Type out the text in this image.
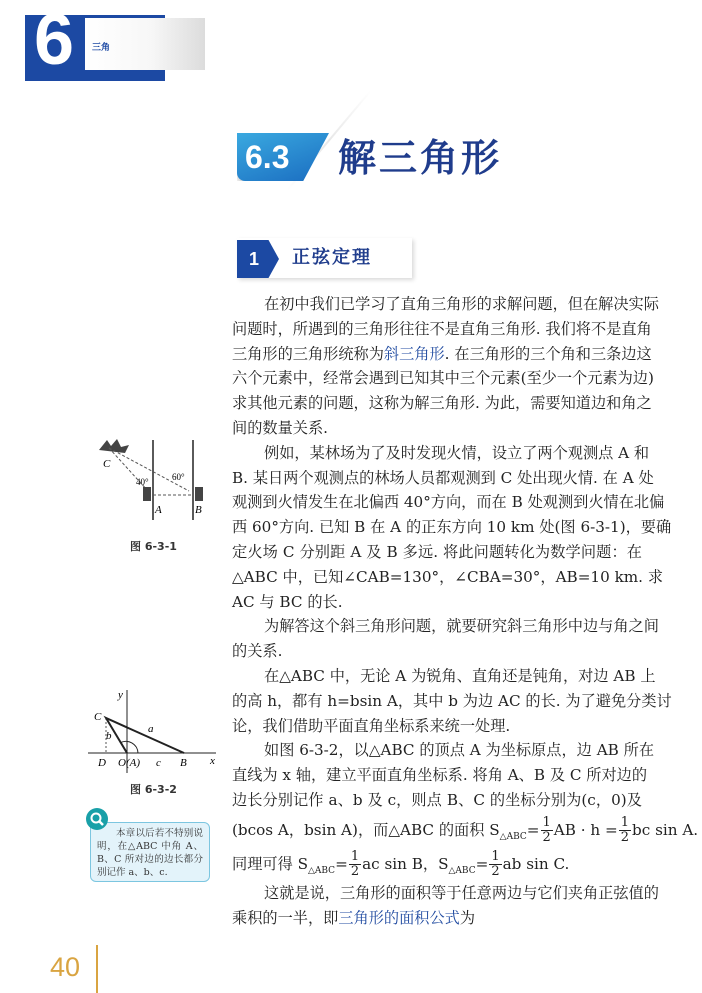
6 三角
6.3 解三角形
1 正弦定理
在初中我们已学习了直角三角形的求解问题，但在解决实际
问题时，所遇到的三角形往往不是直角三角形. 我们将不是直角
三角形的三角形统称为斜三角形. 在三角形的三个角和三条边这
六个元素中，经常会遇到已知其中三个元素(至少一个元素为边)
求其他元素的问题，这称为解三角形. 为此，需要知道边和角之
间的数量关系.
例如，某林场为了及时发现火情，设立了两个观测点 A 和
B. 某日两个观测点的林场人员都观测到 C 处出现火情. 在 A 处
观测到火情发生在北偏西 40°方向，而在 B 处观测到火情在北偏
西 60°方向. 已知 B 在 A 的正东方向 10 km 处(图 6-3-1)，要确
定火场 C 分别距 A 及 B 多远. 将此问题转化为数学问题：在
△ABC 中，已知∠CAB=130°，∠CBA=30°，AB=10 km. 求
AC 与 BC 的长.
为解答这个斜三角形问题，就要研究斜三角形中边与角之间
的关系.
在△ABC 中，无论 A 为锐角、直角还是钝角，对边 AB 上
的高 h，都有 h=bsin A，其中 b 为边 AC 的长. 为了避免分类讨
论，我们借助平面直角坐标系来统一处理.
如图 6-3-2，以△ABC 的顶点 A 为坐标原点，边 AB 所在
直线为 x 轴，建立平面直角坐标系. 将角 A、B 及 C 所对边的
边长分别记作 a、b 及 c，则点 B、C 的坐标分别为(c，0)及
(bcos A，bsin A)，而△ABC 的面积 $S_{\triangle ABC}= \frac{1}{2}$ AB · $h = \frac{1}{2}$ bc sin A.
同理可得 $S_{\triangle ABC}= \frac{1}{2}$ ac sin B，$S_{\triangle ABC}= \frac{1}{2}$ ab sin C.
这就是说，三角形的面积等于任意两边与它们夹角正弦值的
乘积的一半，即三角形的面积公式为
C
40°	60°
A	B
图 6-3-1
y
x
C
a
b
D O(A) c B
图 6-3-2
本章以后若不特别说明，在△ABC 中角 A、B、C 所对边的边长都分别记作 a、b、c.
40
